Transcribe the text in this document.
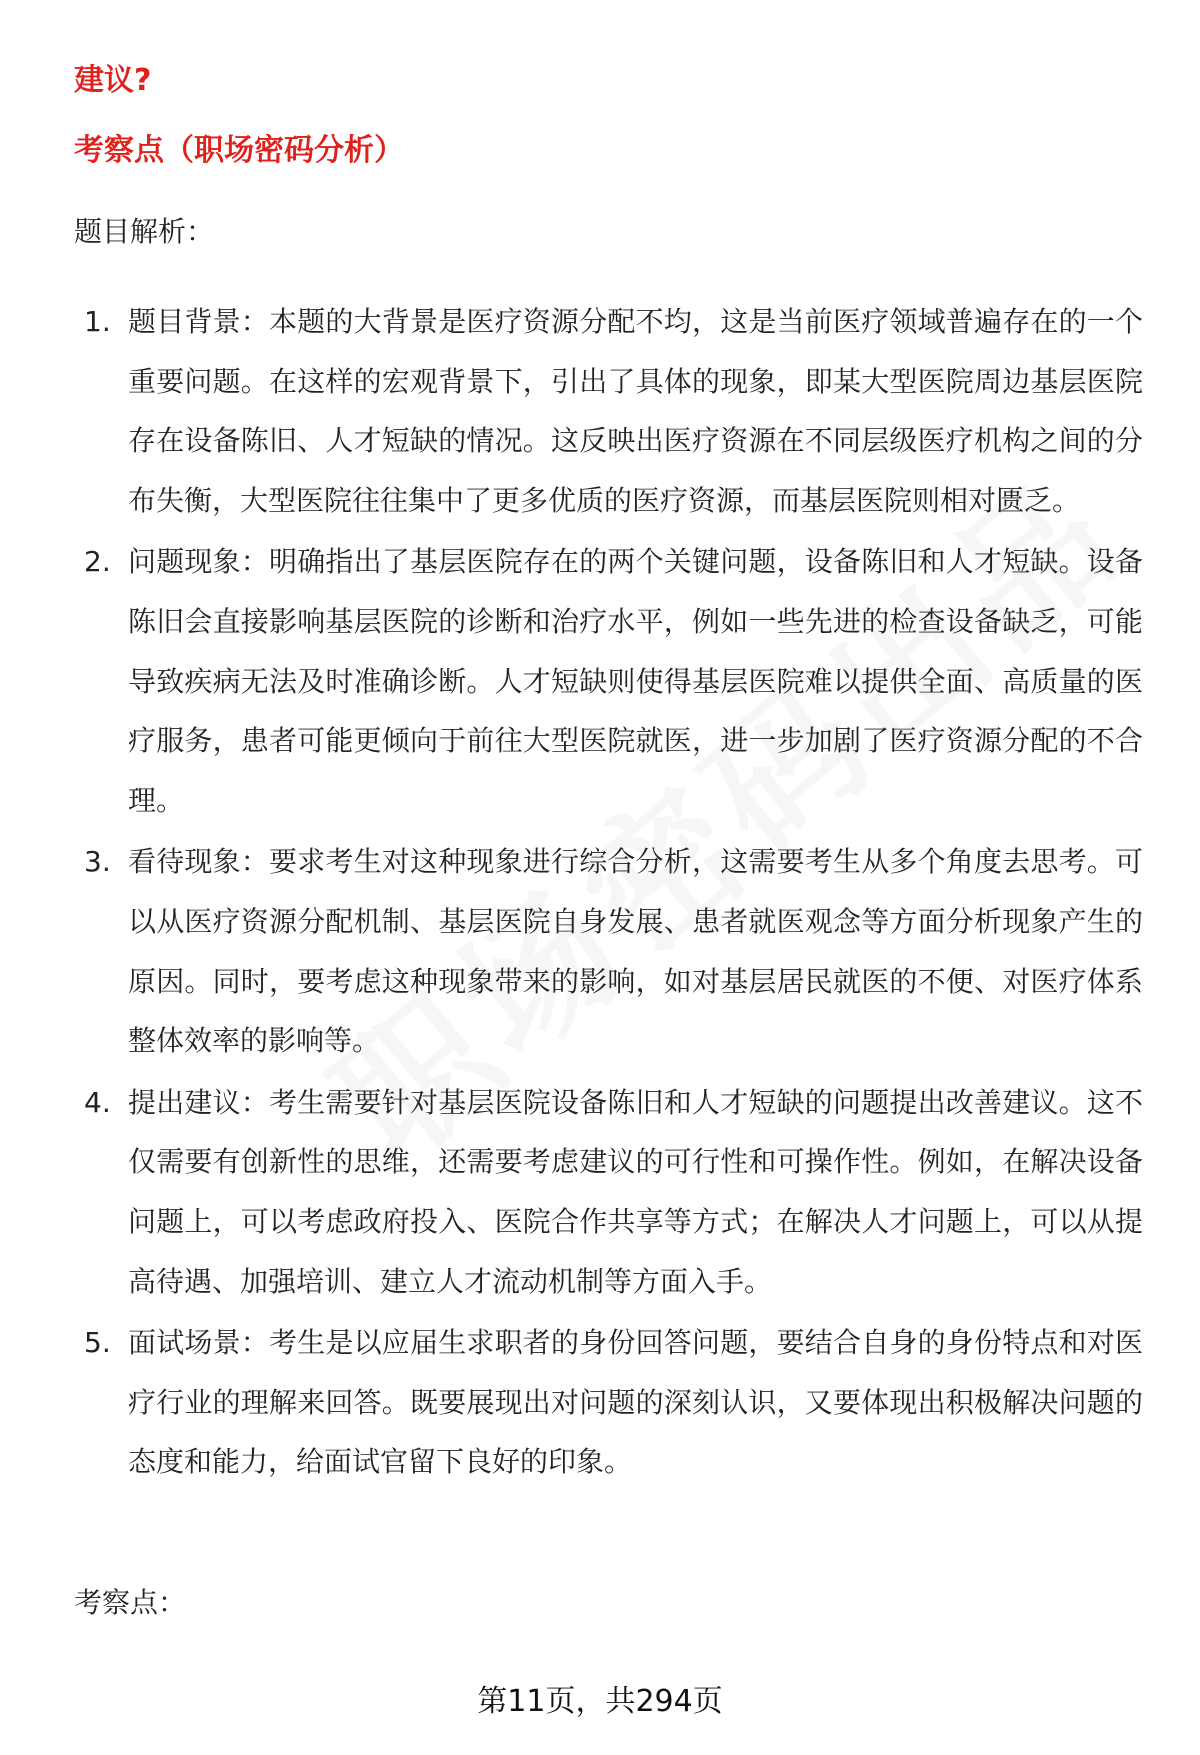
建议?
考察点（职场密码分析）
题目解析：
1. 题目背景：本题的大背景是医疗资源分配不均，这是当前医疗领域普遍存在的一个重要问题。在这样的宏观背景下，引出了具体的现象，即某大型医院周边基层医院存在设备陈旧、人才短缺的情况。这反映出医疗资源在不同层级医疗机构之间的分布失衡，大型医院往往集中了更多优质的医疗资源，而基层医院则相对匮乏。
2. 问题现象：明确指出了基层医院存在的两个关键问题，设备陈旧和人才短缺。设备陈旧会直接影响基层医院的诊断和治疗水平，例如一些先进的检查设备缺乏，可能导致疾病无法及时准确诊断。人才短缺则使得基层医院难以提供全面、高质量的医疗服务，患者可能更倾向于前往大型医院就医，进一步加剧了医疗资源分配的不合理。
3. 看待现象：要求考生对这种现象进行综合分析，这需要考生从多个角度去思考。可以从医疗资源分配机制、基层医院自身发展、患者就医观念等方面分析现象产生的原因。同时，要考虑这种现象带来的影响，如对基层居民就医的不便、对医疗体系整体效率的影响等。
4. 提出建议：考生需要针对基层医院设备陈旧和人才短缺的问题提出改善建议。这不仅需要有创新性的思维，还需要考虑建议的可行性和可操作性。例如，在解决设备问题上，可以考虑政府投入、医院合作共享等方式；在解决人才问题上，可以从提高待遇、加强培训、建立人才流动机制等方面入手。
5. 面试场景：考生是以应届生求职者的身份回答问题，要结合自身的身份特点和对医疗行业的理解来回答。既要展现出对问题的深刻认识，又要体现出积极解决问题的态度和能力，给面试官留下良好的印象。
考察点：
第11页，共294页
